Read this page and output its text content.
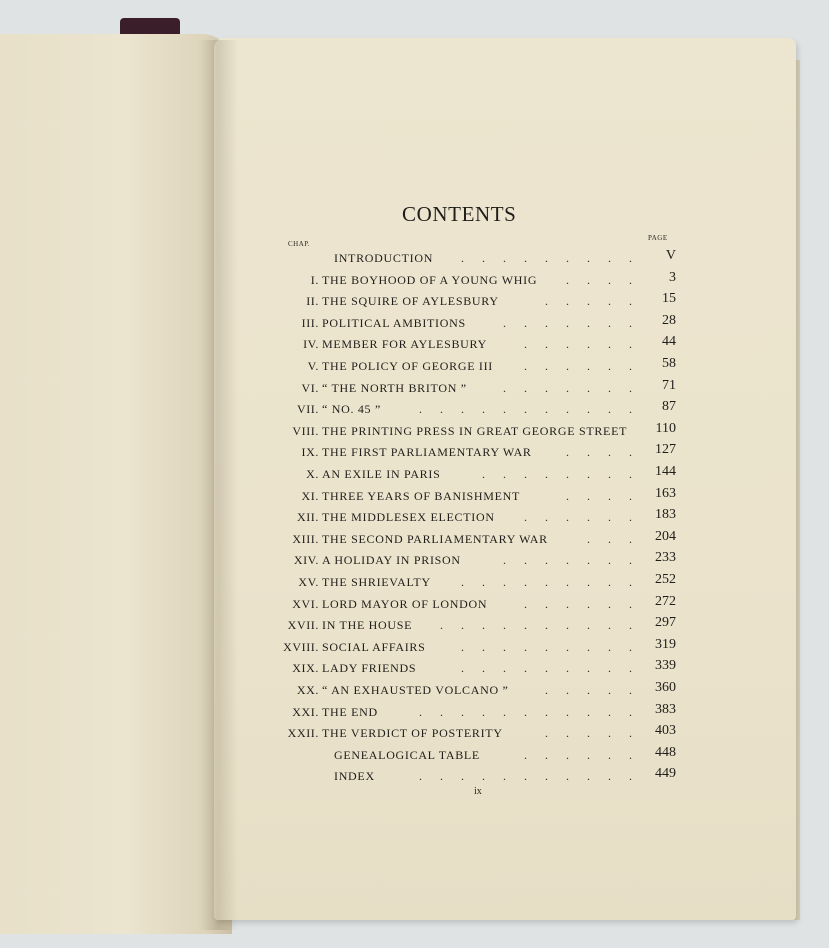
CONTENTS
CHAP.
PAGE
INTRODUCTION	.  .  .  .  .  .  .  .  .	V
I. THE BOYHOOD OF A YOUNG WHIG	.  .  .  .	3
II. THE SQUIRE OF AYLESBURY	.  .  .  .  .	15
III. POLITICAL AMBITIONS	.  .  .  .  .  .  .	28
IV. MEMBER FOR AYLESBURY	.  .  .  .  .  .	44
V. THE POLICY OF GEORGE III	.  .  .  .  .  .	58
VI. “ THE NORTH BRITON ”	.  .  .  .  .  .  .	71
VII. “ NO. 45 ”	.  .  .  .  .  .  .  .  .  .  .	87
VIII. THE PRINTING PRESS IN GREAT GEORGE STREET	110
IX. THE FIRST PARLIAMENTARY WAR	.  .  .  .	127
X. AN EXILE IN PARIS	.  .  .  .  .  .  .  .	144
XI. THREE YEARS OF BANISHMENT	.  .  .  .	163
XII. THE MIDDLESEX ELECTION	.  .  .  .  .  .	183
XIII. THE SECOND PARLIAMENTARY WAR	.  .  .	204
XIV. A HOLIDAY IN PRISON	.  .  .  .  .  .  .	233
XV. THE SHRIEVALTY	.  .  .  .  .  .  .  .  .	252
XVI. LORD MAYOR OF LONDON	.  .  .  .  .  .	272
XVII. IN THE HOUSE	.  .  .  .  .  .  .  .  .  .	297
XVIII. SOCIAL AFFAIRS	.  .  .  .  .  .  .  .  .	319
XIX. LADY FRIENDS	.  .  .  .  .  .  .  .  .	339
XX. “ AN EXHAUSTED VOLCANO ”	.  .  .  .  .	360
XXI. THE END	.  .  .  .  .  .  .  .  .  .  .	383
XXII. THE VERDICT OF POSTERITY	.  .  .  .  .	403
GENEALOGICAL TABLE	.  .  .  .  .  .	448
INDEX	.  .  .  .  .  .  .  .  .  .  .	449
ix
